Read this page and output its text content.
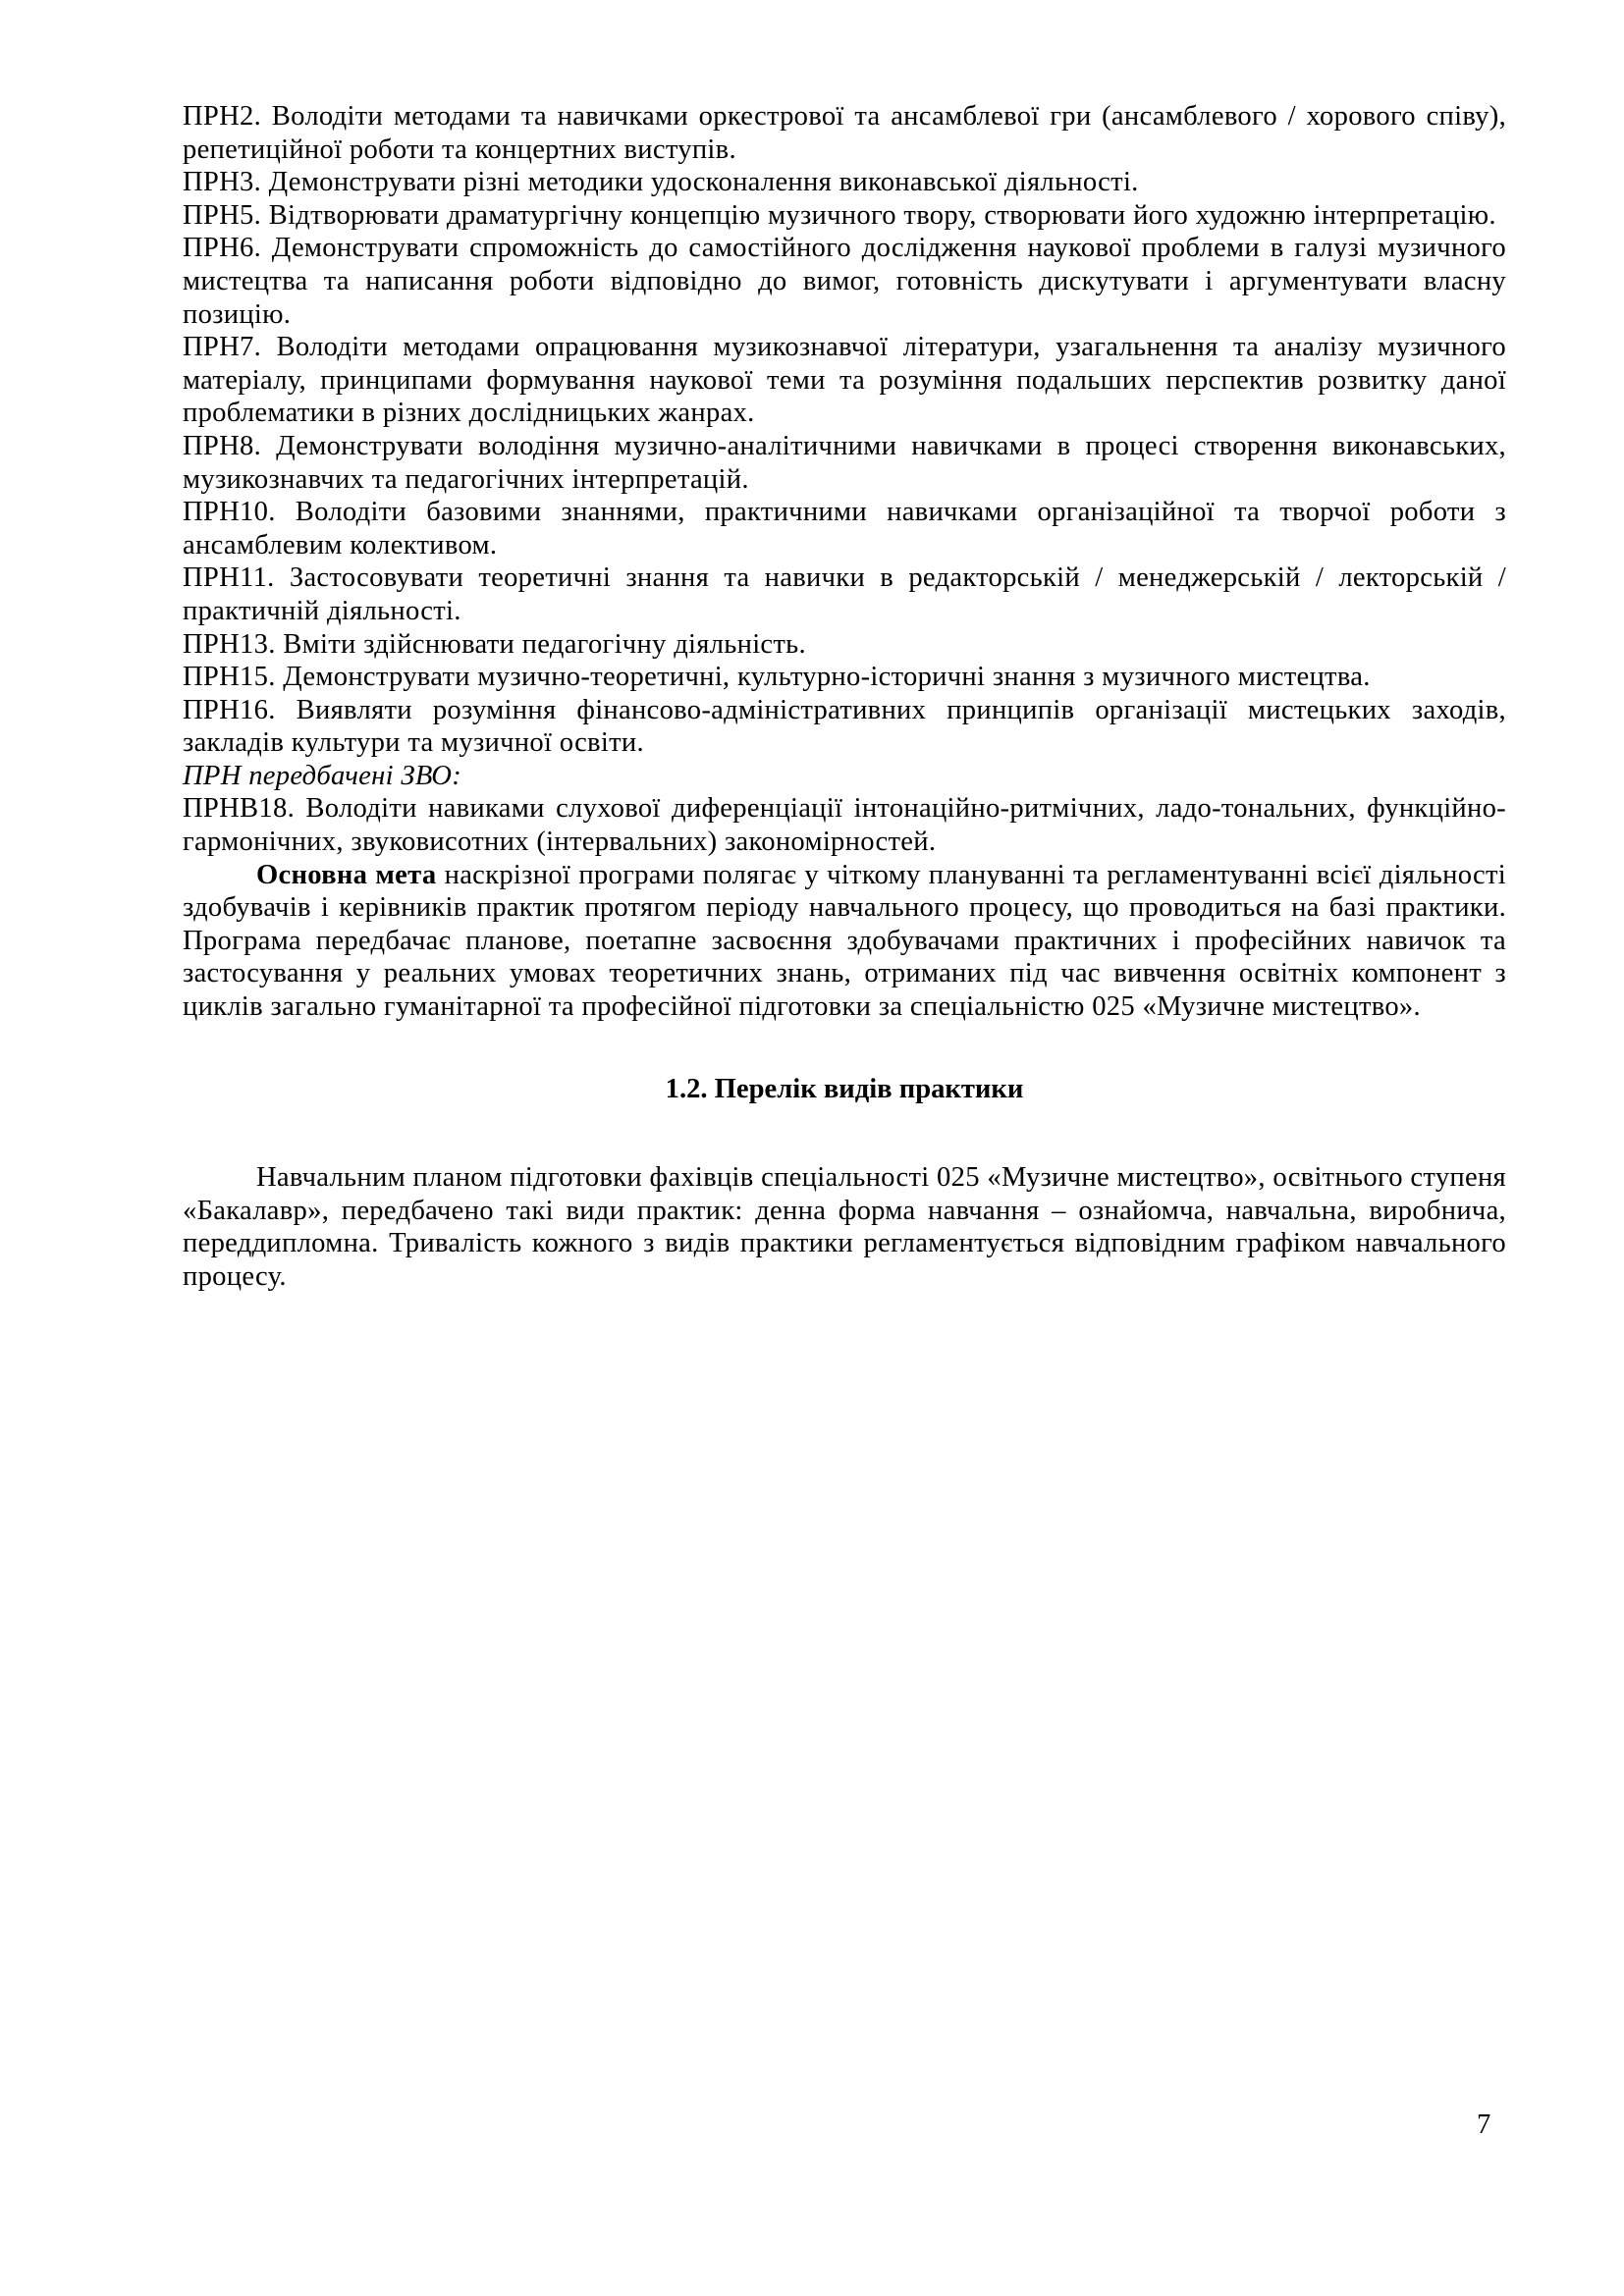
ПРН2. Володіти методами та навичками оркестрової та ансамблевої гри (ансамблевого / хорового співу), репетиційної роботи та концертних виступів.

ПРН3. Демонструвати різні методики удосконалення виконавської діяльності.

ПРН5. Відтворювати драматургічну концепцію музичного твору, створювати його художню інтерпретацію.

ПРН6. Демонструвати спроможність до самостійного дослідження наукової проблеми в галузі музичного мистецтва та написання роботи відповідно до вимог, готовність дискутувати і аргументувати власну позицію.

ПРН7. Володіти методами опрацювання музикознавчої літератури, узагальнення та аналізу музичного матеріалу, принципами формування наукової теми та розуміння подальших перспектив розвитку даної проблематики в різних дослідницьких жанрах.

ПРН8. Демонструвати володіння музично-аналітичними навичками в процесі створення виконавських, музикознавчих та педагогічних інтерпретацій.

ПРН10. Володіти базовими знаннями, практичними навичками організаційної та творчої роботи з ансамблевим колективом.

ПРН11. Застосовувати теоретичні знання та навички в редакторській / менеджерській / лекторській / практичній діяльності.

ПРН13. Вміти здійснювати педагогічну діяльність.

ПРН15. Демонструвати музично-теоретичні, культурно-історичні знання з музичного мистецтва.

ПРН16. Виявляти розуміння фінансово-адміністративних принципів організації мистецьких заходів, закладів культури та музичної освіти.

ПРН передбачені ЗВО:

ПРНВ18. Володіти навиками слухової диференціації інтонаційно-ритмічних, ладо-тональних, функційно-гармонічних, звуковисотних (інтервальних) закономірностей.

Основна мета наскрізної програми полягає у чіткому плануванні та регламентуванні всієї діяльності здобувачів і керівників практик протягом періоду навчального процесу, що проводиться на базі практики. Програма передбачає планове, поетапне засвоєння здобувачами практичних і професійних навичок та застосування у реальних умовах теоретичних знань, отриманих під час вивчення освітніх компонент з циклів загально гуманітарної та професійної підготовки за спеціальністю 025 «Музичне мистецтво».

1.2. Перелік видів практики

Навчальним планом підготовки фахівців спеціальності 025 «Музичне мистецтво», освітнього ступеня «Бакалавр», передбачено такі види практик: денна форма навчання – ознайомча, навчальна, виробнича, переддипломна. Тривалість кожного з видів практики регламентується відповідним графіком навчального процесу.

7
